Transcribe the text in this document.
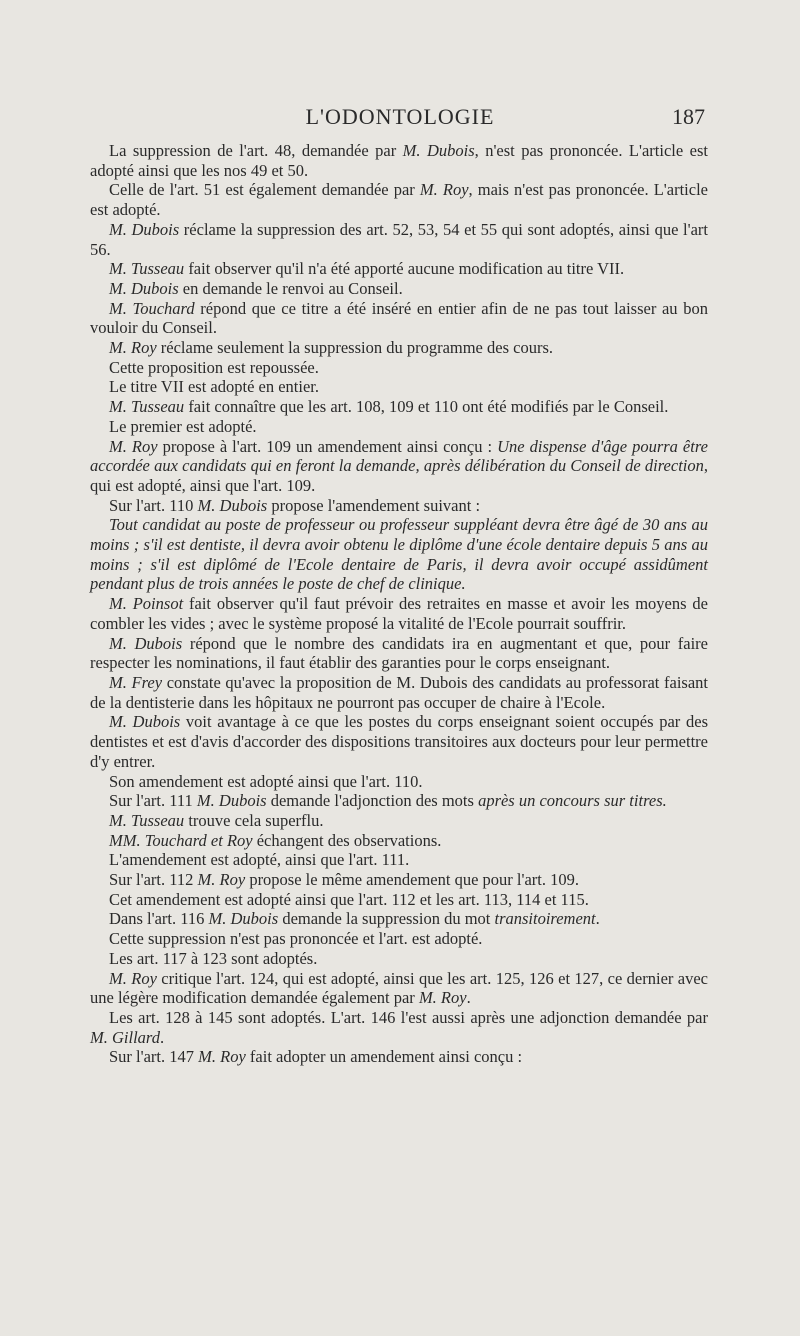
L'ODONTOLOGIE	187

La suppression de l'art. 48, demandée par M. Dubois, n'est pas prononcée. L'article est adopté ainsi que les nos 49 et 50.

Celle de l'art. 51 est également demandée par M. Roy, mais n'est pas prononcée. L'article est adopté.

M. Dubois réclame la suppression des art. 52, 53, 54 et 55 qui sont adoptés, ainsi que l'art 56.

M. Tusseau fait observer qu'il n'a été apporté aucune modification au titre VII.

M. Dubois en demande le renvoi au Conseil.

M. Touchard répond que ce titre a été inséré en entier afin de ne pas tout laisser au bon vouloir du Conseil.

M. Roy réclame seulement la suppression du programme des cours.

Cette proposition est repoussée.

Le titre VII est adopté en entier.

M. Tusseau fait connaître que les art. 108, 109 et 110 ont été modifiés par le Conseil.

Le premier est adopté.

M. Roy propose à l'art. 109 un amendement ainsi conçu : Une dispense d'âge pourra être accordée aux candidats qui en feront la demande, après délibération du Conseil de direction, qui est adopté, ainsi que l'art. 109.

Sur l'art. 110 M. Dubois propose l'amendement suivant :

Tout candidat au poste de professeur ou professeur suppléant devra être âgé de 30 ans au moins ; s'il est dentiste, il devra avoir obtenu le diplôme d'une école dentaire depuis 5 ans au moins ; s'il est diplômé de l'Ecole dentaire de Paris, il devra avoir occupé assidûment pendant plus de trois années le poste de chef de clinique.

M. Poinsot fait observer qu'il faut prévoir des retraites en masse et avoir les moyens de combler les vides ; avec le système proposé la vitalité de l'Ecole pourrait souffrir.

M. Dubois répond que le nombre des candidats ira en augmentant et que, pour faire respecter les nominations, il faut établir des garanties pour le corps enseignant.

M. Frey constate qu'avec la proposition de M. Dubois des candidats au professorat faisant de la dentisterie dans les hôpitaux ne pourront pas occuper de chaire à l'Ecole.

M. Dubois voit avantage à ce que les postes du corps enseignant soient occupés par des dentistes et est d'avis d'accorder des dispositions transitoires aux docteurs pour leur permettre d'y entrer.

Son amendement est adopté ainsi que l'art. 110.

Sur l'art. 111 M. Dubois demande l'adjonction des mots après un concours sur titres.

M. Tusseau trouve cela superflu.

MM. Touchard et Roy échangent des observations.

L'amendement est adopté, ainsi que l'art. 111.

Sur l'art. 112 M. Roy propose le même amendement que pour l'art. 109.

Cet amendement est adopté ainsi que l'art. 112 et les art. 113, 114 et 115.

Dans l'art. 116 M. Dubois demande la suppression du mot transitoirement.

Cette suppression n'est pas prononcée et l'art. est adopté.

Les art. 117 à 123 sont adoptés.

M. Roy critique l'art. 124, qui est adopté, ainsi que les art. 125, 126 et 127, ce dernier avec une légère modification demandée également par M. Roy.

Les art. 128 à 145 sont adoptés. L'art. 146 l'est aussi après une adjonction demandée par M. Gillard.

Sur l'art. 147 M. Roy fait adopter un amendement ainsi conçu :
